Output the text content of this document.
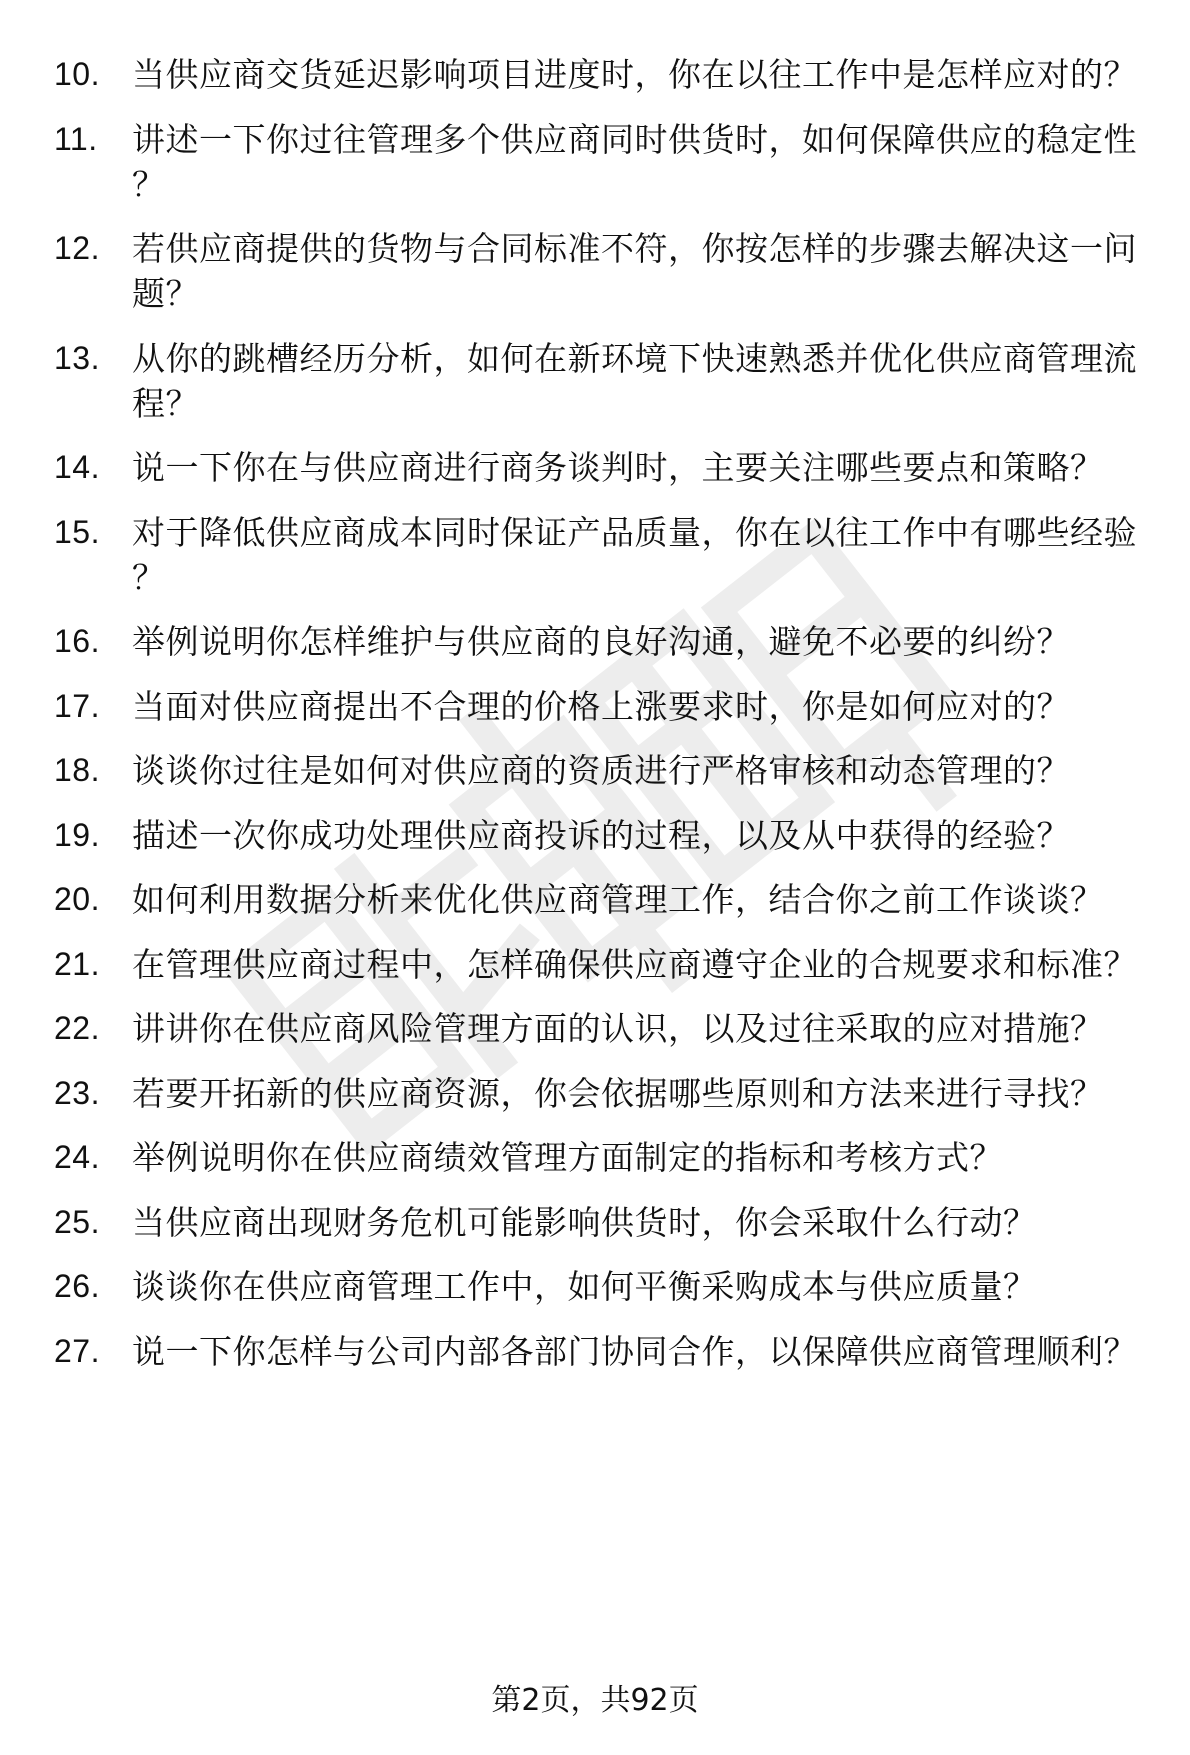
10. 当供应商交货延迟影响项目进度时，你在以往工作中是怎样应对的？
11.	讲述一下你过往管理多个供应商同时供货时，如何保障供应的稳定性？
12. 若供应商提供的货物与合同标准不符，你按怎样的步骤去解决这一问题？
13. 从你的跳槽经历分析，如何在新环境下快速熟悉并优化供应商管理流程？
14. 说一下你在与供应商进行商务谈判时，主要关注哪些要点和策略？
15. 对于降低供应商成本同时保证产品质量，你在以往工作中有哪些经验？
16. 举例说明你怎样维护与供应商的良好沟通，避免不必要的纠纷？
17. 当面对供应商提出不合理的价格上涨要求时，你是如何应对的？
18. 谈谈你过往是如何对供应商的资质进行严格审核和动态管理的？
19. 描述一次你成功处理供应商投诉的过程，以及从中获得的经验？
20. 如何利用数据分析来优化供应商管理工作，结合你之前工作谈谈？
21. 在管理供应商过程中，怎样确保供应商遵守企业的合规要求和标准？
22. 讲讲你在供应商风险管理方面的认识，以及过往采取的应对措施？
23. 若要开拓新的供应商资源，你会依据哪些原则和方法来进行寻找？
24. 举例说明你在供应商绩效管理方面制定的指标和考核方式？
25. 当供应商出现财务危机可能影响供货时，你会采取什么行动？
26. 谈谈你在供应商管理工作中，如何平衡采购成本与供应质量？
27. 说一下你怎样与公司内部各部门协同合作，以保障供应商管理顺利？
第2页，共92页
